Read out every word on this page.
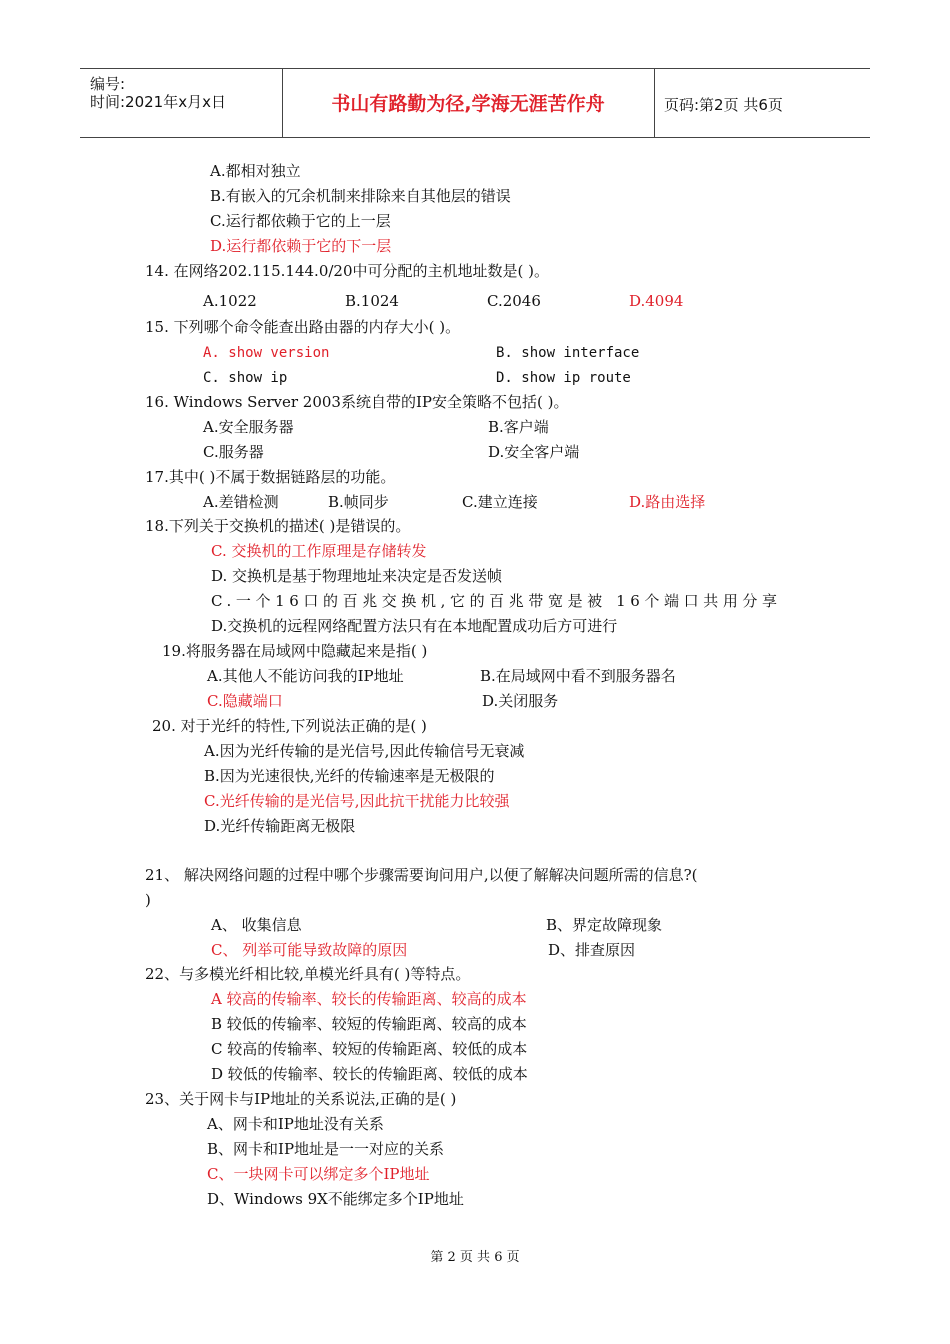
编号:
时间:2021年x月x日	书山有路勤为径,学海无涯苦作舟	页码:第2页 共6页
A.都相对独立
B.有嵌入的冗余机制来排除来自其他层的错误
C.运行都依赖于它的上一层
D.运行都依赖于它的下一层
14. 在网络202.115.144.0/20中可分配的主机地址数是( )。
A.1022	B.1024	C.2046	D.4094
15. 下列哪个命令能查出路由器的内存大小( )。
A. show version	B. show interface
C. show ip	D. show ip route
16. Windows Server 2003系统自带的IP安全策略不包括( )。
A.安全服务器	B.客户端
C.服务器	D.安全客户端
17.其中( )不属于数据链路层的功能。
A.差错检测	B.帧同步	C.建立连接	D.路由选择
18.下列关于交换机的描述( )是错误的。
C. 交换机的工作原理是存储转发
D. 交换机是基于物理地址来决定是否发送帧
C.一个16口的百兆交换机,它的百兆带宽是被 16个端口共用分享
D.交换机的远程网络配置方法只有在本地配置成功后方可进行
19.将服务器在局域网中隐藏起来是指( )
A.其他人不能访问我的IP地址	B.在局域网中看不到服务器名
C.隐藏端口	D.关闭服务
20. 对于光纤的特性,下列说法正确的是( )
A.因为光纤传输的是光信号,因此传输信号无衰减
B.因为光速很快,光纤的传输速率是无极限的
C.光纤传输的是光信号,因此抗干扰能力比较强
D.光纤传输距离无极限
21、 解决网络问题的过程中哪个步骤需要询问用户,以便了解解决问题所需的信息?(
)
A、 收集信息	B、界定故障现象
C、 列举可能导致故障的原因	D、排查原因
22、与多模光纤相比较,单模光纤具有( )等特点。
A 较高的传输率、较长的传输距离、较高的成本
B 较低的传输率、较短的传输距离、较高的成本
C 较高的传输率、较短的传输距离、较低的成本
D 较低的传输率、较长的传输距离、较低的成本
23、关于网卡与IP地址的关系说法,正确的是( )
A、网卡和IP地址没有关系
B、网卡和IP地址是一一对应的关系
C、一块网卡可以绑定多个IP地址
D、Windows 9X不能绑定多个IP地址
第 2 页 共 6 页
